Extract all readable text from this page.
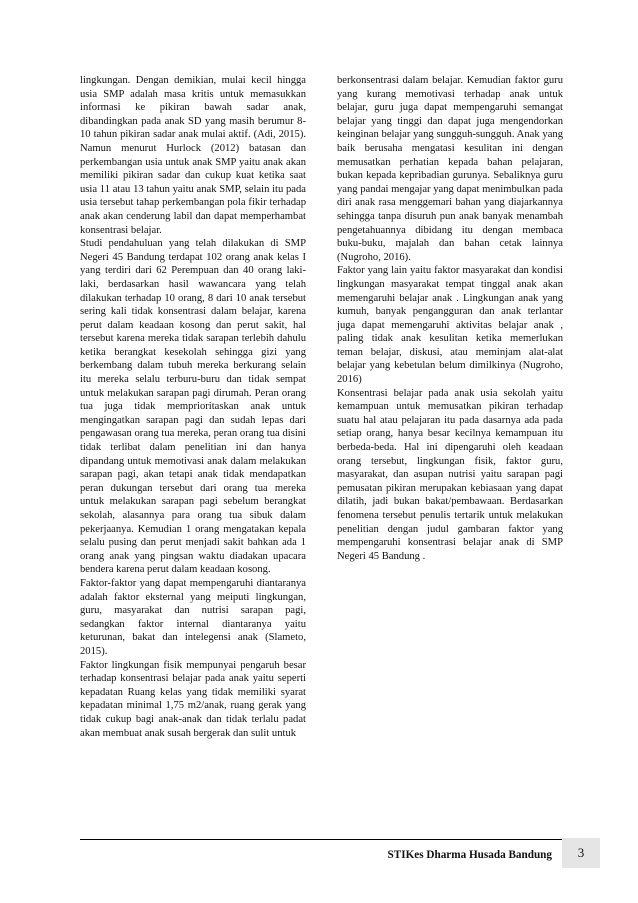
lingkungan. Dengan demikian, mulai kecil hingga usia SMP adalah masa kritis untuk memasukkan informasi ke pikiran bawah sadar anak, dibandingkan pada anak SD yang masih berumur 8-10 tahun pikiran sadar anak mulai aktif. (Adi, 2015). Namun menurut Hurlock (2012) batasan dan perkembangan usia untuk anak SMP yaitu anak akan memiliki pikiran sadar dan cukup kuat ketika saat usia 11 atau 13 tahun yaitu anak SMP, selain itu pada usia tersebut tahap perkembangan pola fikir terhadap anak akan cenderung labil dan dapat memperhambat konsentrasi belajar.

Studi pendahuluan yang telah dilakukan di SMP Negeri 45 Bandung terdapat 102 orang anak kelas I yang terdiri dari 62 Perempuan dan 40 orang laki-laki, berdasarkan hasil wawancara yang telah dilakukan terhadap 10 orang, 8 dari 10 anak tersebut sering kali tidak konsentrasi dalam belajar, karena perut dalam keadaan kosong dan perut sakit, hal tersebut karena mereka tidak sarapan terlebih dahulu ketika berangkat kesekolah sehingga gizi yang berkembang dalam tubuh mereka berkurang selain itu mereka selalu terburu-buru dan tidak sempat untuk melakukan sarapan pagi dirumah. Peran orang tua juga tidak memprioritaskan anak untuk mengingatkan sarapan pagi dan sudah lepas dari pengawasan orang tua mereka, peran orang tua disini tidak terlibat dalam penelitian ini dan hanya dipandang untuk memotivasi anak dalam melakukan sarapan pagi, akan tetapi anak tidak mendapatkan peran dukungan tersebut dari orang tua mereka untuk melakukan sarapan pagi sebelum berangkat sekolah, alasannya para orang tua sibuk dalam pekerjaanya. Kemudian 1 orang mengatakan kepala selalu pusing dan perut menjadi sakit bahkan ada 1 orang anak yang pingsan waktu diadakan upacara bendera karena perut dalam keadaan kosong.

Faktor-faktor yang dapat mempengaruhi diantaranya adalah faktor eksternal yang meiputi lingkungan, guru, masyarakat dan nutrisi sarapan pagi, sedangkan faktor internal diantaranya yaitu keturunan, bakat dan intelegensi anak (Slameto, 2015).

Faktor lingkungan fisik mempunyai pengaruh besar terhadap konsentrasi belajar pada anak yaitu seperti kepadatan Ruang kelas yang tidak memiliki syarat kepadatan minimal 1,75 m2/anak, ruang gerak yang tidak cukup bagi anak-anak dan tidak terlalu padat akan membuat anak susah bergerak dan sulit untuk

berkonsentrasi dalam belajar. Kemudian faktor guru yang kurang memotivasi terhadap anak untuk belajar, guru juga dapat mempengaruhi semangat belajar yang tinggi dan dapat juga mengendorkan keinginan belajar yang sungguh-sungguh. Anak yang baik berusaha mengatasi kesulitan ini dengan memusatkan perhatian kepada bahan pelajaran, bukan kepada kepribadian gurunya. Sebaliknya guru yang pandai mengajar yang dapat menimbulkan pada diri anak rasa menggemari bahan yang diajarkannya sehingga tanpa disuruh pun anak banyak menambah pengetahuannya dibidang itu dengan membaca buku-buku, majalah dan bahan cetak lainnya (Nugroho, 2016).

Faktor yang lain yaitu faktor masyarakat dan kondisi lingkungan masyarakat tempat tinggal anak akan memengaruhi belajar anak . Lingkungan anak yang kumuh, banyak pengangguran dan anak terlantar juga dapat memengaruhi aktivitas belajar anak , paling tidak anak kesulitan ketika memerlukan teman belajar, diskusi, atau meminjam alat-alat belajar yang kebetulan belum dimilkinya (Nugroho, 2016)

Konsentrasi belajar pada anak usia sekolah yaitu kemampuan untuk memusatkan pikiran terhadap suatu hal atau pelajaran itu pada dasarnya ada pada setiap orang, hanya besar kecilnya kemampuan itu berbeda-beda. Hal ini dipengaruhi oleh keadaan orang tersebut, lingkungan fisik, faktor guru, masyarakat, dan asupan nutrisi yaitu sarapan pagi pemusatan pikiran merupakan kebiasaan yang dapat dilatih, jadi bukan bakat/pembawaan. Berdasarkan fenomena tersebut penulis tertarik untuk melakukan penelitian dengan judul gambaran faktor yang mempengaruhi konsentrasi belajar anak di SMP Negeri 45 Bandung .

STIKes Dharma Husada Bandung	3
